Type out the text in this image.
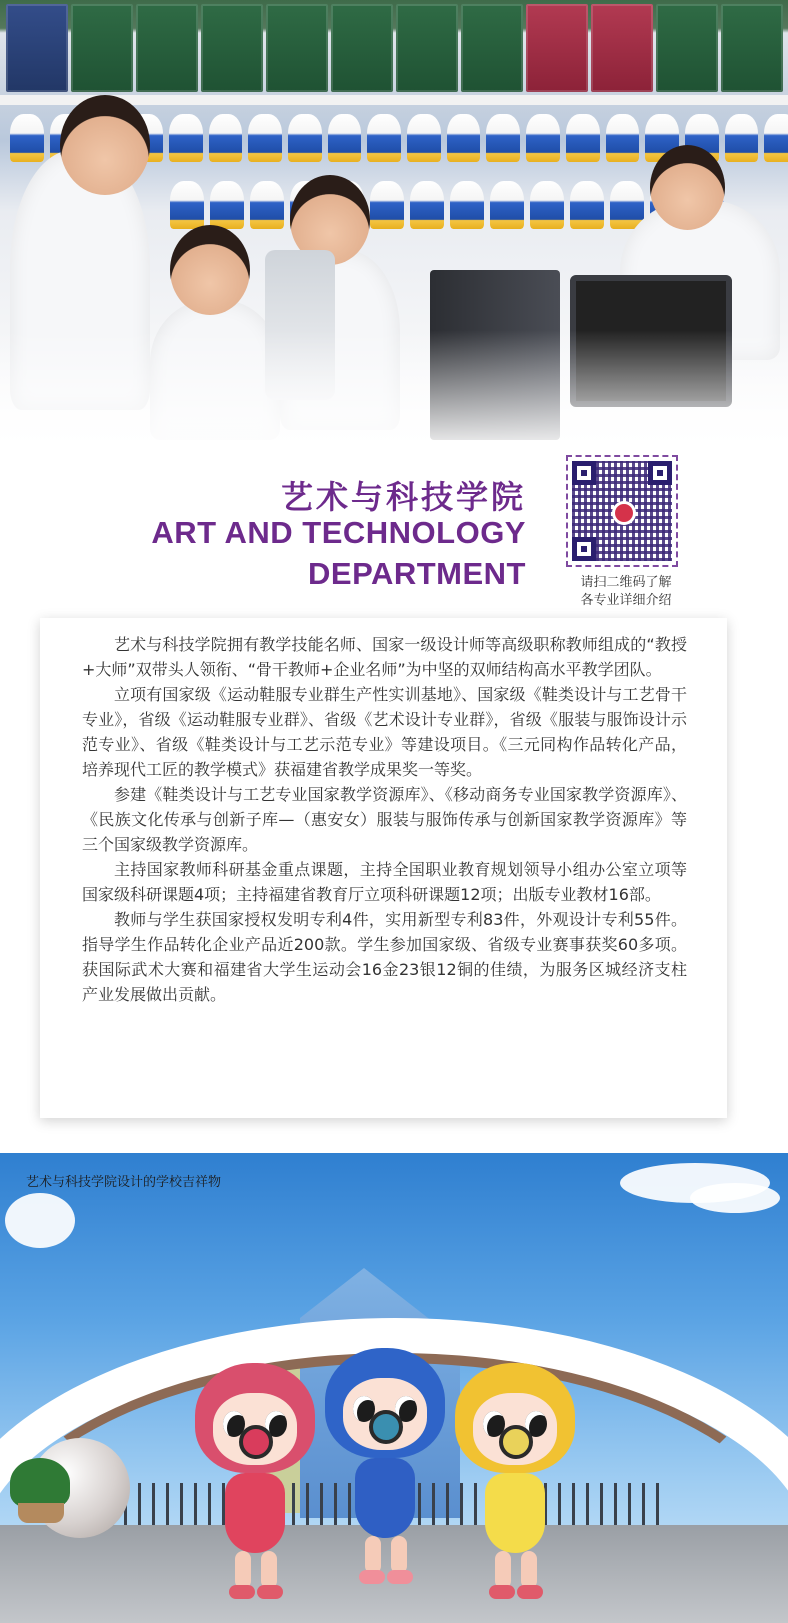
艺术与科技学院
ART AND TECHNOLOGY
DEPARTMENT	请扫二维码了解
各专业详细介绍

艺术与科技学院拥有教学技能名师、国家一级设计师等高级职称教师组成的“教授+大师”双带头人领衔、“骨干教师+企业名师”为中坚的双师结构高水平教学团队。

立项有国家级《运动鞋服专业群生产性实训基地》、国家级《鞋类设计与工艺骨干专业》，省级《运动鞋服专业群》、省级《艺术设计专业群》，省级《服装与服饰设计示范专业》、省级《鞋类设计与工艺示范专业》等建设项目。《三元同构作品转化产品，培养现代工匠的教学模式》获福建省教学成果奖一等奖。

参建《鞋类设计与工艺专业国家教学资源库》、《移动商务专业国家教学资源库》、《民族文化传承与创新子库—（惠安女）服装与服饰传承与创新国家教学资源库》等三个国家级教学资源库。

主持国家教师科研基金重点课题，主持全国职业教育规划领导小组办公室立项等国家级科研课题4项；主持福建省教育厅立项科研课题12项；出版专业教材16部。

教师与学生获国家授权发明专利4件，实用新型专利83件，外观设计专利55件。指导学生作品转化企业产品近200款。学生参加国家级、省级专业赛事获奖60多项。获国际武术大赛和福建省大学生运动会16金23银12铜的佳绩，为服务区城经济支柱产业发展做出贡献。

艺术与科技学院设计的学校吉祥物
